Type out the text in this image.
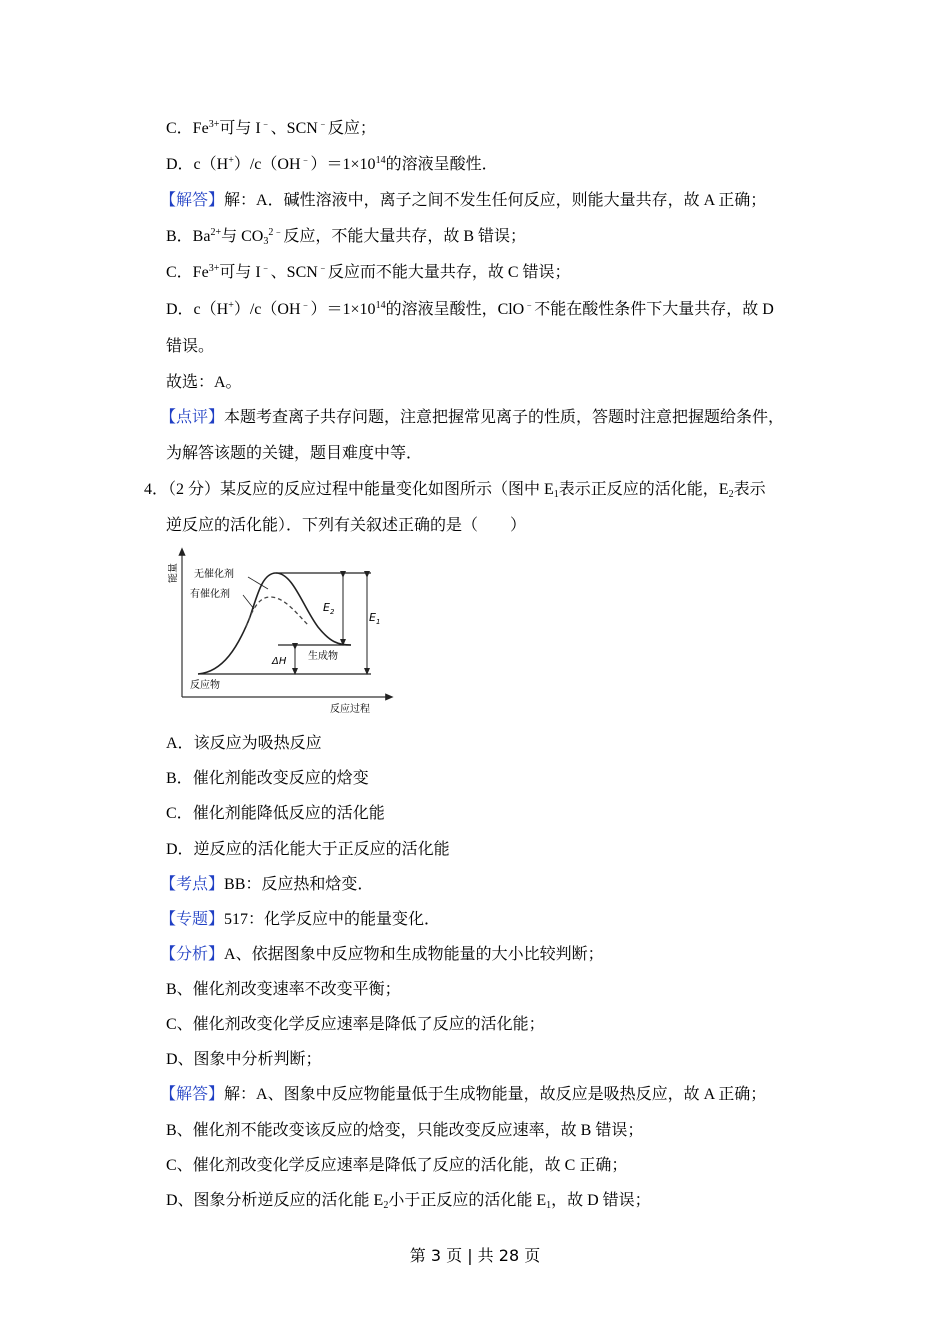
C．$Fe^{3+}$可与 I﹣、SCN﹣反应；
D．$c(H^+)/c(OH^﹣)=1\times 10^{14}$的溶液呈酸性．
【解答】解：A．碱性溶液中，离子之间不发生任何反应，则能大量共存，故 A 正确；
B．$Ba^{2+}$与 $CO_3^{2﹣}$反应，不能大量共存，故 B 错误；
C．$Fe^{3+}$可与 I﹣、SCN﹣反应而不能大量共存，故 C 错误；
D．$c(H^+)/c(OH^﹣)=1\times 10^{14}$的溶液呈酸性，ClO﹣不能在酸性条件下大量共存，故 D
错误。
故选：A。
【点评】本题考查离子共存问题，注意把握常见离子的性质，答题时注意把握题给条件，
为解答该题的关键，题目难度中等．
4．（2 分）某反应的反应过程中能量变化如图所示（图中 $E_1$表示正反应的活化能，$E_2$表示
逆反应的活化能）．下列有关叙述正确的是（　　）
能量 无催化剂
有催化剂
反应物
生成物
反应过程
$E_2$	$E_1$
ΔH
A．该反应为吸热反应
B．催化剂能改变反应的焓变
C．催化剂能降低反应的活化能
D．逆反应的活化能大于正反应的活化能
【考点】BB：反应热和焓变．
【专题】517：化学反应中的能量变化．
【分析】A、依据图象中反应物和生成物能量的大小比较判断；
B、催化剂改变速率不改变平衡；
C、催化剂改变化学反应速率是降低了反应的活化能；
D、图象中分析判断；
【解答】解：A、图象中反应物能量低于生成物能量，故反应是吸热反应，故 A 正确；
B、催化剂不能改变该反应的焓变，只能改变反应速率，故 B 错误；
C、催化剂改变化学反应速率是降低了反应的活化能，故 C 正确；
D、图象分析逆反应的活化能 $E_2$小于正反应的活化能 $E_1$，故 D 错误；
第 3 页 | 共 28 页
